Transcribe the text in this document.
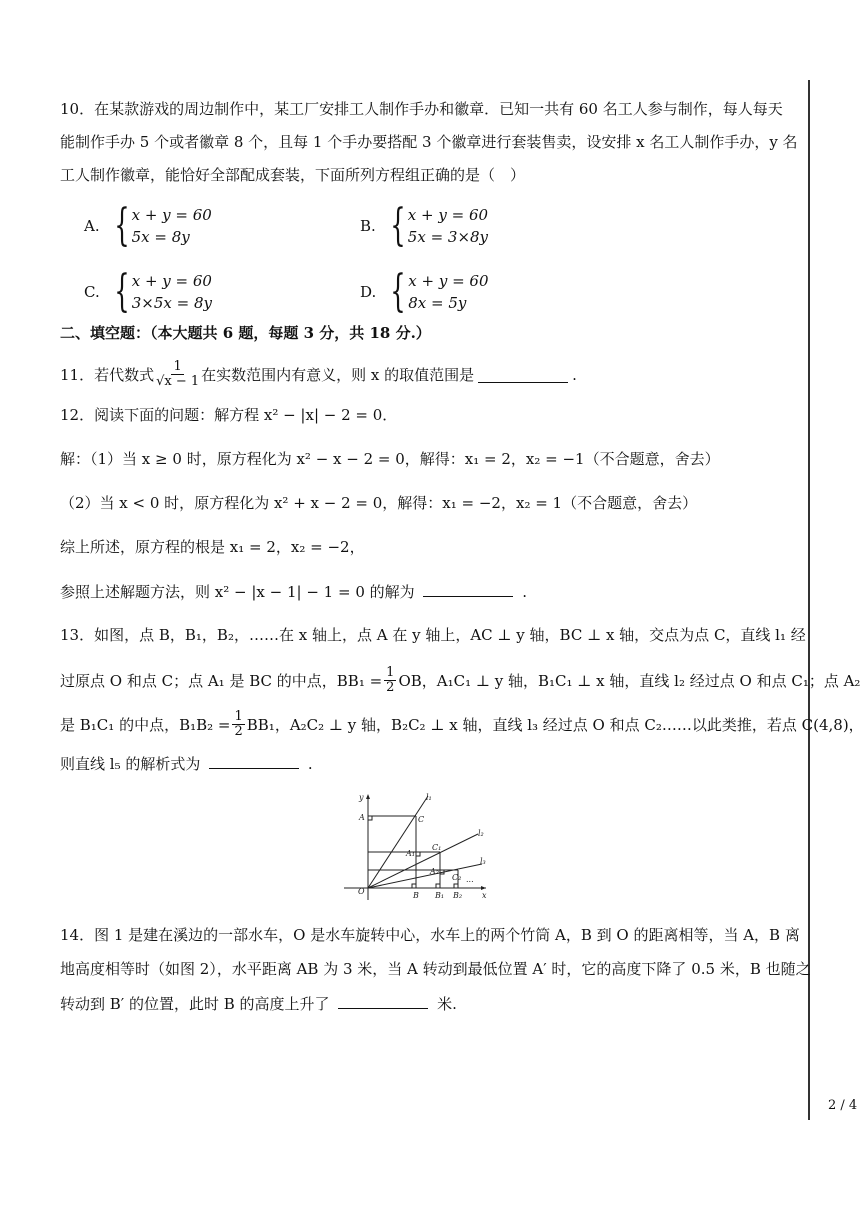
10．在某款游戏的周边制作中，某工厂安排工人制作手办和徽章．已知一共有 60 名工人参与制作，每人每天
能制作手办 5 个或者徽章 8 个，且每 1 个手办要搭配 3 个徽章进行套装售卖，设安排 x 名工人制作手办，y 名
工人制作徽章，能恰好全部配成套装，下面所列方程组正确的是（　）
A. { x + y = 60
5x = 8y
B. { x + y = 60
5x = 3×8y
C. { x + y = 60
3×5x = 8y
D. { x + y = 60
8x = 5y
二、填空题：（本大题共 6 题，每题 3 分，共 18 分.）
11．若代数式 $\frac{1}{√x - 1}$ 在实数范围内有意义，则 x 的取值范围是	.
12．阅读下面的问题：解方程 x² − |x| − 2 = 0．
解：（1）当 x ≥ 0 时，原方程化为 x² − x − 2 = 0，解得：x₁ = 2，x₂ = −1（不合题意，舍去）
（2）当 x < 0 时，原方程化为 x² + x − 2 = 0，解得：x₁ = −2，x₂ = 1（不合题意，舍去）
综上所述，原方程的根是 x₁ = 2，x₂ = −2，
参照上述解题方法，则 x² − |x − 1| − 1 = 0 的解为	.
13．如图，点 B，B₁，B₂，……在 x 轴上，点 A 在 y 轴上，AC ⊥ y 轴，BC ⊥ x 轴，交点为点 C，直线 l₁ 经
过原点 O 和点 C；点 A₁ 是 BC 的中点，$BB_1 = \frac{1}{2}$ OB，A₁C₁ ⊥ y 轴，B₁C₁ ⊥ x 轴，直线 l₂ 经过点 O 和点 C₁；点 A₂
是 B₁C₁ 的中点，$B_1B_2 = \frac{1}{2} BB_1$，A₂C₂ ⊥ y 轴，B₂C₂ ⊥ x 轴，直线 l₃ 经过点 O 和点 C₂……以此类推，若点 C(4,8)，
则直线 l₅ 的解析式为	.
y
x
O
A	C
A₁
C₁
A₂
C₂
B B₁ B₂
l₁
l₂
l₃
...
14．图 1 是建在溪边的一部水车，O 是水车旋转中心，水车上的两个竹筒 A，B 到 O 的距离相等，当 A，B 离
地高度相等时（如图 2），水平距离 AB 为 3 米，当 A 转动到最低位置 A′ 时，它的高度下降了 0.5 米，B 也随之
转动到 B′ 的位置，此时 B 的高度上升了	米.
2 / 4
